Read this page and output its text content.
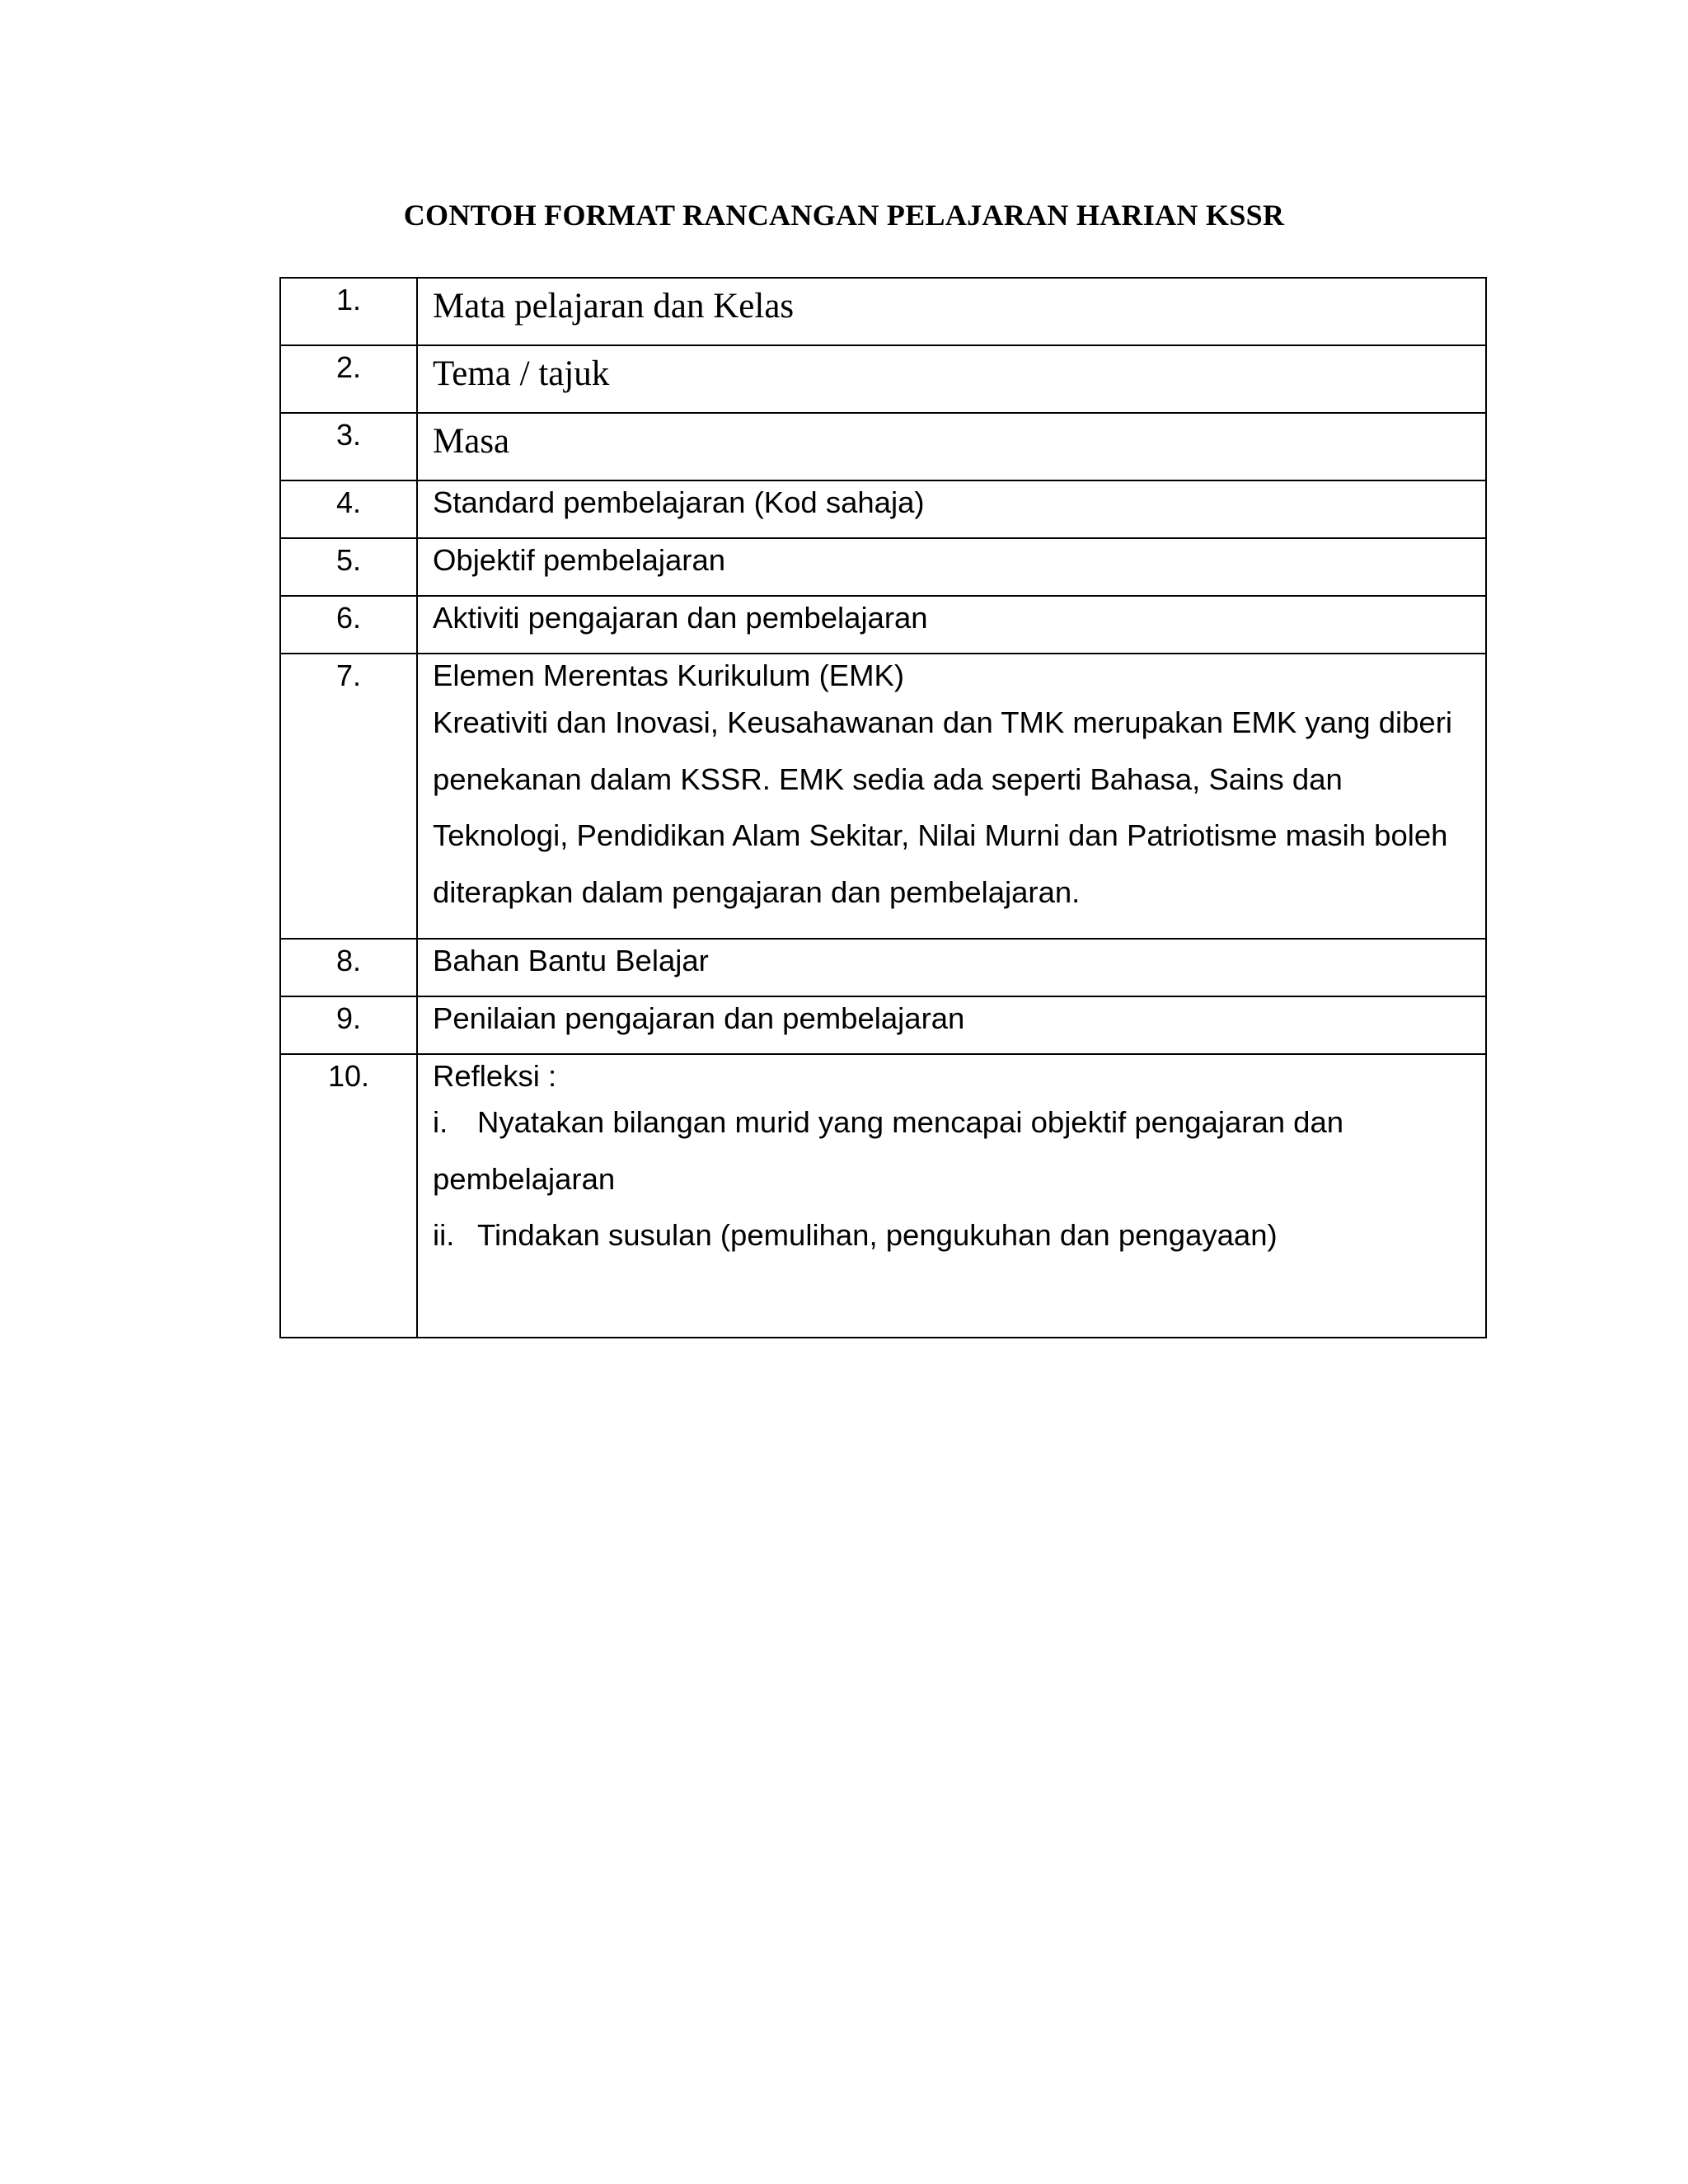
CONTOH FORMAT RANCANGAN PELAJARAN HARIAN KSSR
1.	Mata pelajaran dan Kelas
2.	Tema / tajuk
3.	Masa
4.	Standard pembelajaran (Kod sahaja)

5.	Objektif pembelajaran

6.	Aktiviti pengajaran dan pembelajaran

7.	Elemen Merentas Kurikulum (EMK)
Kreativiti dan Inovasi, Keusahawanan dan TMK merupakan EMK yang diberi penekanan dalam KSSR. EMK sedia ada seperti Bahasa, Sains dan Teknologi, Pendidikan Alam Sekitar, Nilai Murni dan Patriotisme masih boleh diterapkan dalam pengajaran dan pembelajaran.

8.	Bahan Bantu Belajar

9.	Penilaian pengajaran dan pembelajaran

10.	Refleksi :
i. Nyatakan bilangan murid yang mencapai objektif pengajaran dan pembelajaran
ii. Tindakan susulan (pemulihan, pengukuhan dan pengayaan)
